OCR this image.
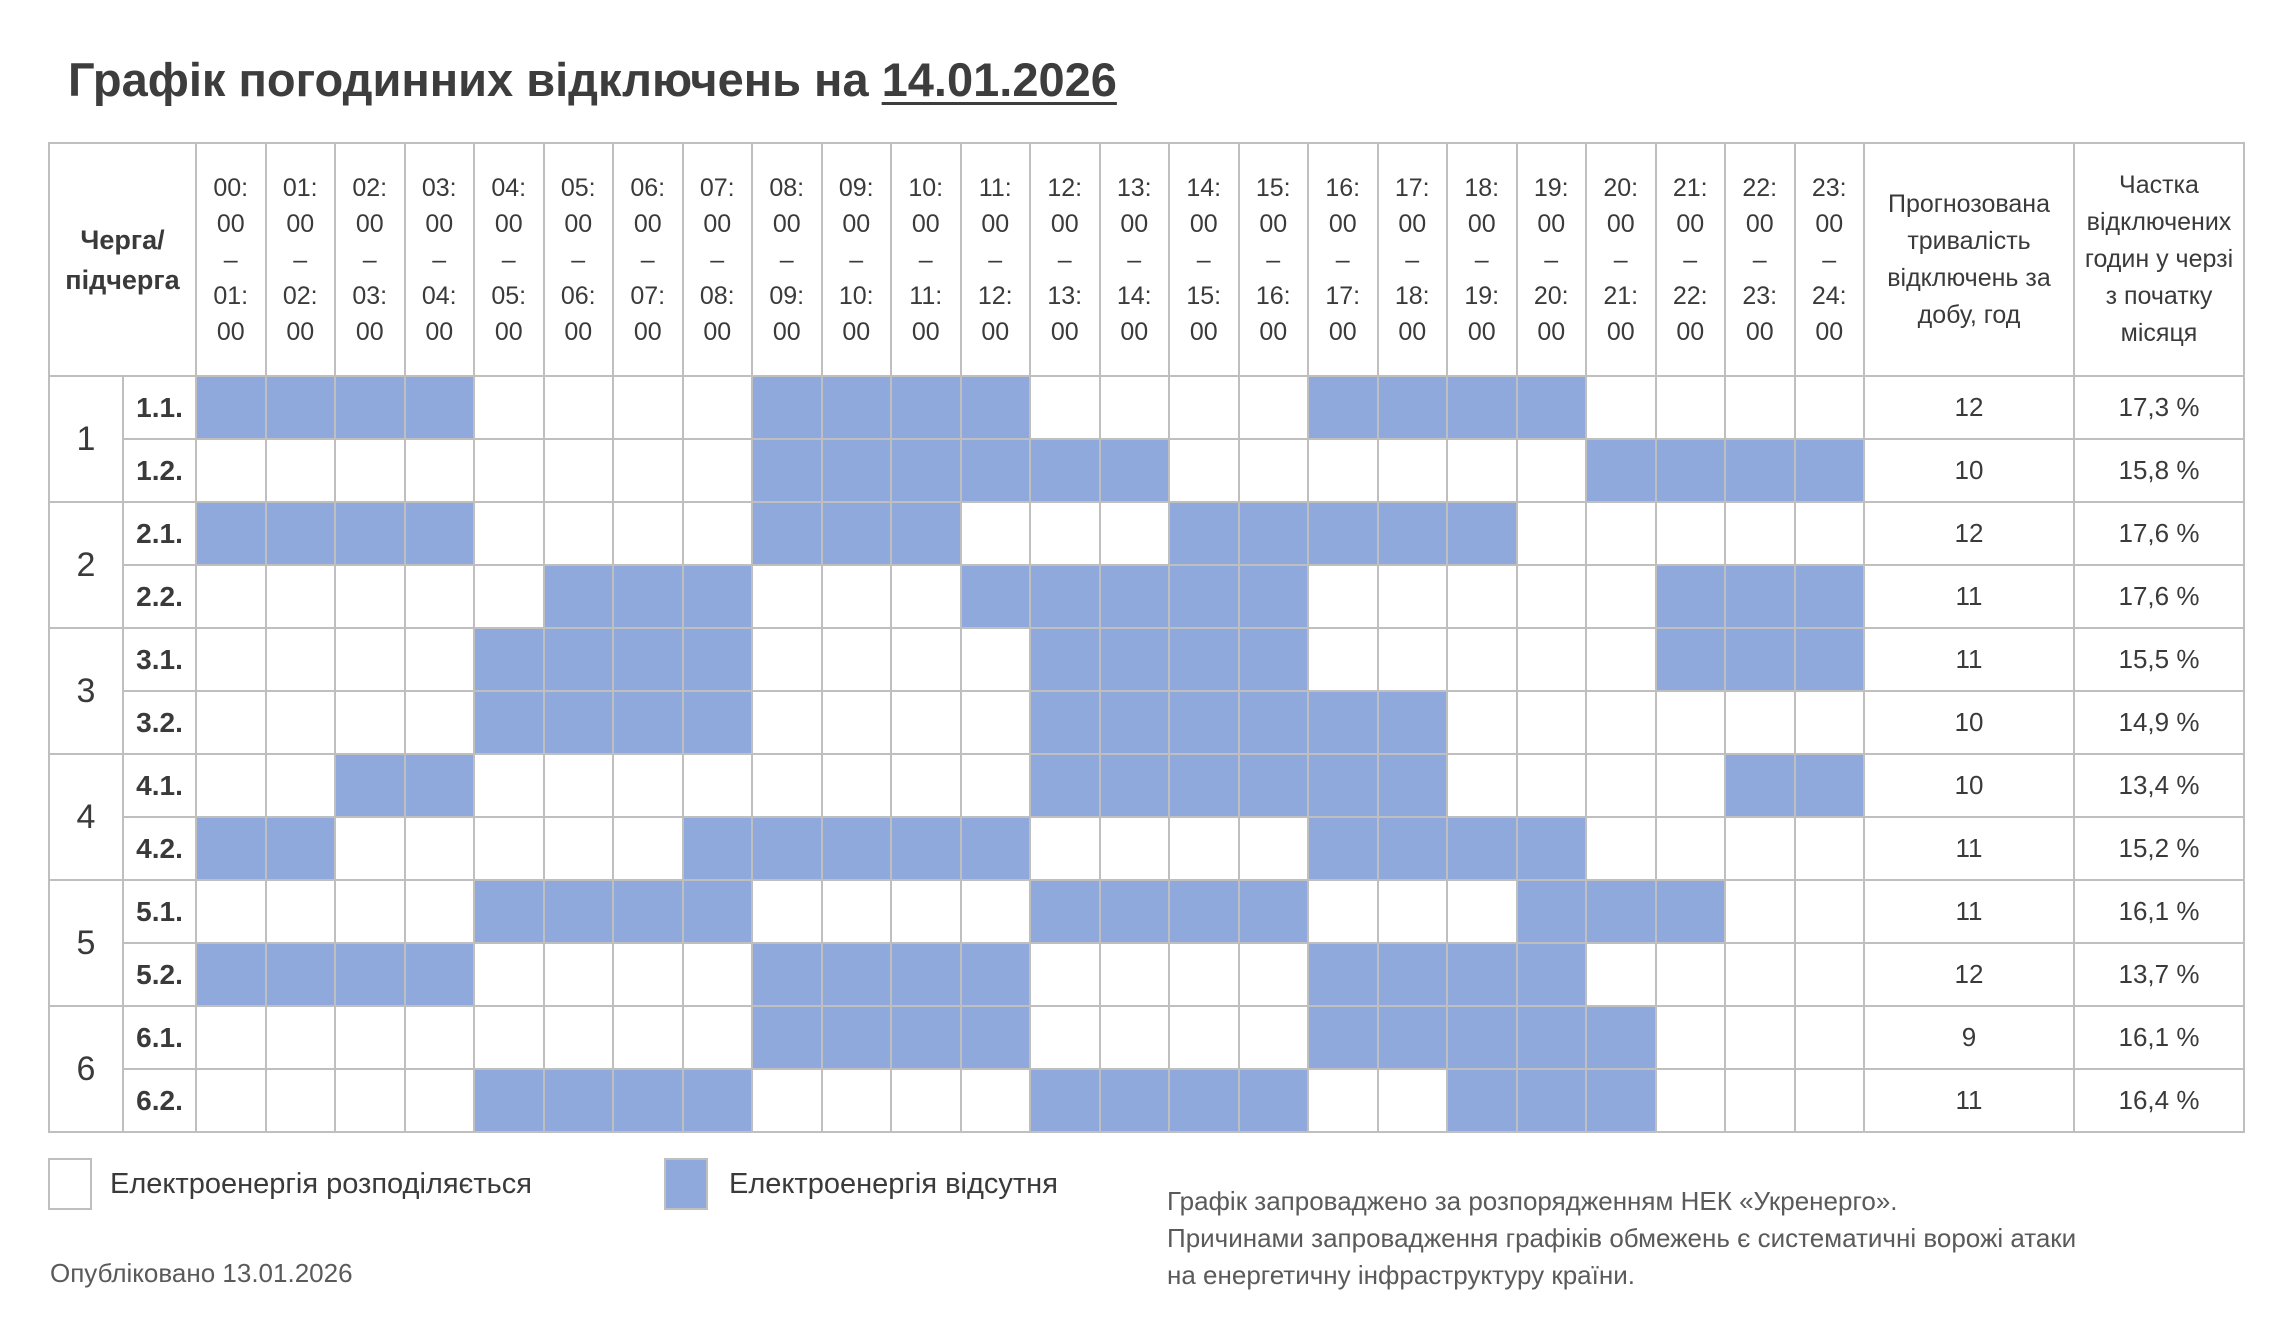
Графік погодинних відключень на 14.01.2026
Черга/
підчерга		00:
00
–
01:
00	01:
00
–
02:
00	02:
00
–
03:
00	03:
00
–
04:
00	04:
00
–
05:
00	05:
00
–
06:
00	06:
00
–
07:
00	07:
00
–
08:
00	08:
00
–
09:
00	09:
00
–
10:
00	10:
00
–
11:
00	11:
00
–
12:
00	12:
00
–
13:
00	13:
00
–
14:
00	14:
00
–
15:
00	15:
00
–
16:
00	16:
00
–
17:
00	17:
00
–
18:
00	18:
00
–
19:
00	19:
00
–
20:
00	20:
00
–
21:
00	21:
00
–
22:
00	22:
00
–
23:
00	23:
00
–
24:
00	Прогнозована
тривалість
відключень за
добу, год	Частка
відключених
годин у черзі
з початку
місяця
1	1.1.																									12	17,3 %
	1.2.																									10	15,8 %
2	2.1.																									12	17,6 %
	2.2.																									11	17,6 %
3	3.1.																									11	15,5 %
	3.2.																									10	14,9 %
4	4.1.																									10	13,4 %
	4.2.																									11	15,2 %
5	5.1.																									11	16,1 %
	5.2.																									12	13,7 %
6	6.1.																									9	16,1 %
	6.2.																									11	16,4 %
Електроенергія розподіляється	Електроенергія відсутня
Опубліковано 13.01.2026
Графік запроваджено за розпорядженням НЕК «Укренерго».
Причинами запровадження графіків обмежень є систематичні ворожі атаки
на енергетичну інфраструктуру країни.
